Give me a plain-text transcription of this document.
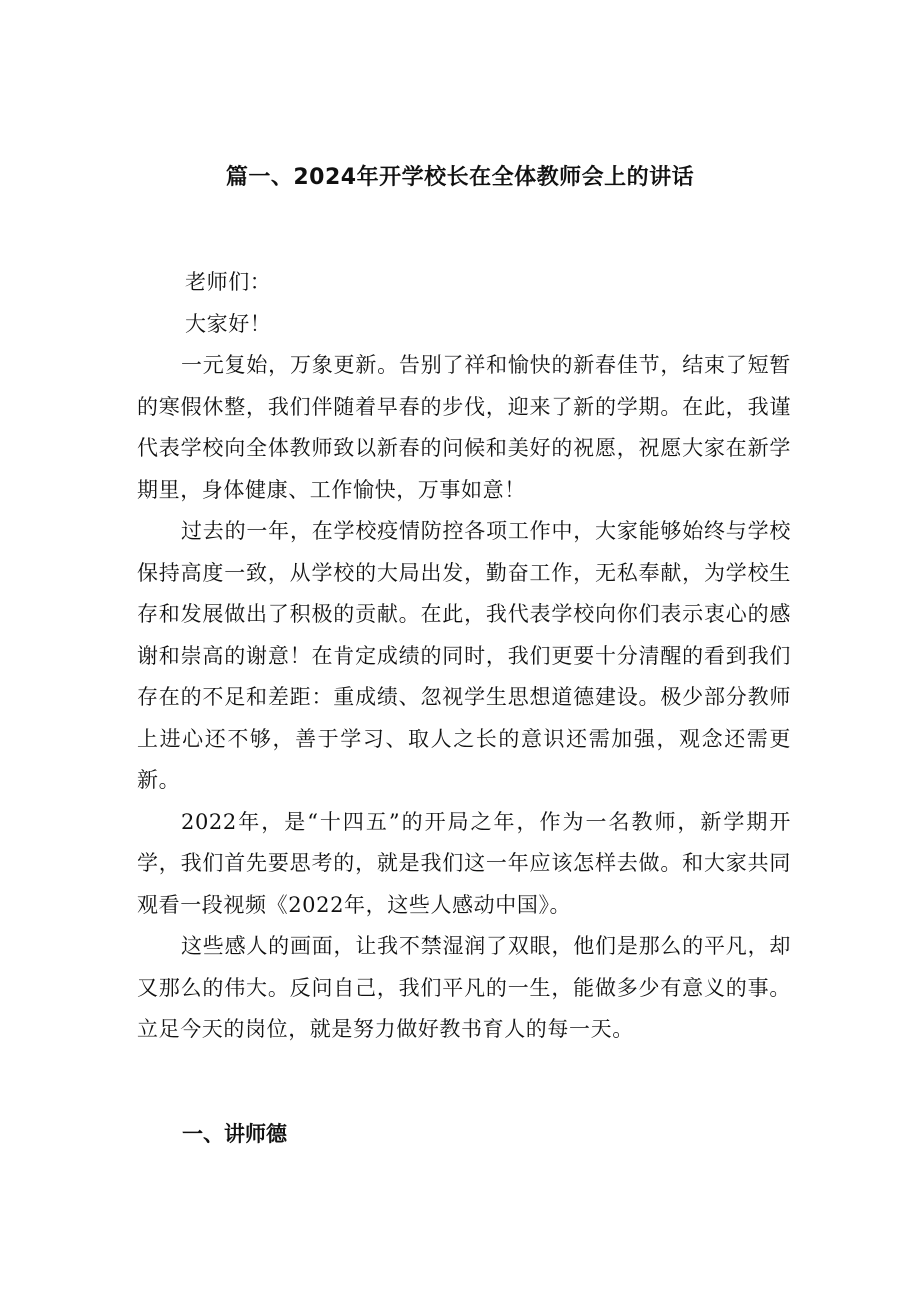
篇一、2024年开学校长在全体教师会上的讲话

老师们：

大家好！

一元复始，万象更新。告别了祥和愉快的新春佳节，结束了短暂的寒假休整，我们伴随着早春的步伐，迎来了新的学期。在此，我谨代表学校向全体教师致以新春的问候和美好的祝愿，祝愿大家在新学期里，身体健康、工作愉快，万事如意！

过去的一年，在学校疫情防控各项工作中，大家能够始终与学校保持高度一致，从学校的大局出发，勤奋工作，无私奉献，为学校生存和发展做出了积极的贡献。在此，我代表学校向你们表示衷心的感谢和崇高的谢意！在肯定成绩的同时，我们更要十分清醒的看到我们存在的不足和差距：重成绩、忽视学生思想道德建设。极少部分教师上进心还不够，善于学习、取人之长的意识还需加强，观念还需更新。

2022年，是“十四五”的开局之年，作为一名教师，新学期开学，我们首先要思考的，就是我们这一年应该怎样去做。和大家共同观看一段视频《2022年，这些人感动中国》。

这些感人的画面，让我不禁湿润了双眼，他们是那么的平凡，却又那么的伟大。反问自己，我们平凡的一生，能做多少有意义的事。立足今天的岗位，就是努力做好教书育人的每一天。

一、讲师德
